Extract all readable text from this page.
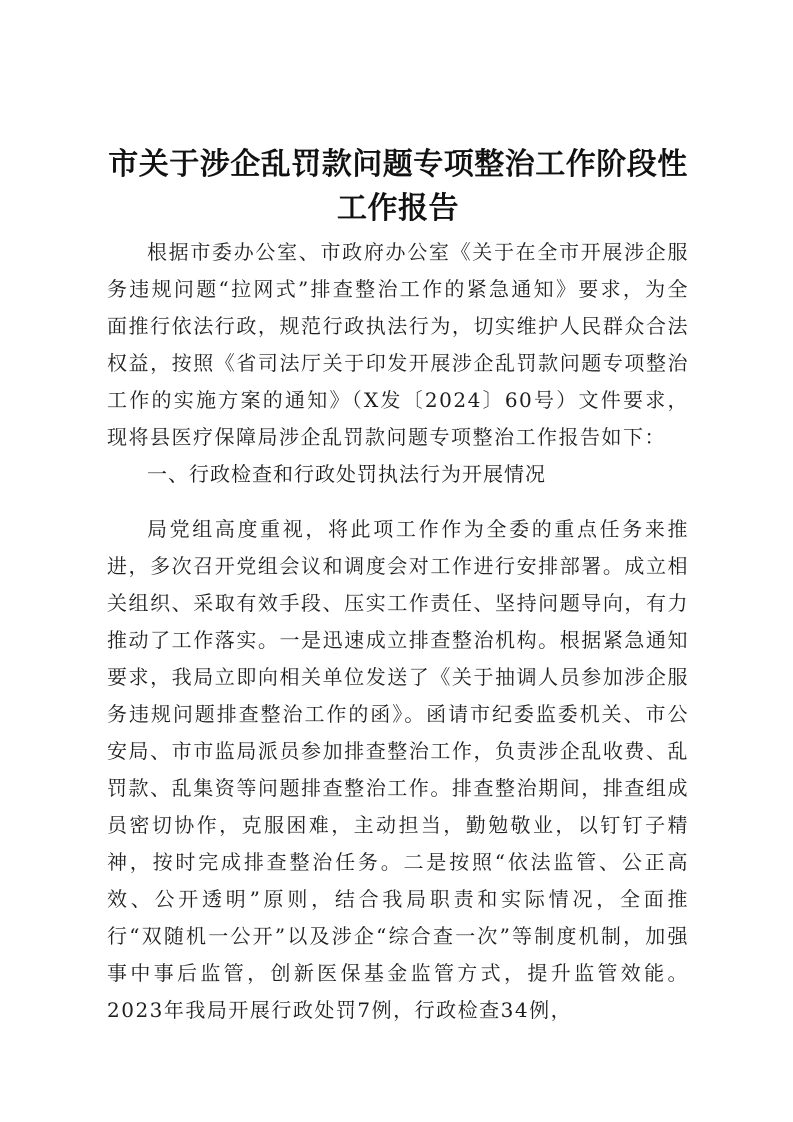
市关于涉企乱罚款问题专项整治工作阶段性工作报告

根据市委办公室、市政府办公室《关于在全市开展涉企服务违规问题“拉网式”排查整治工作的紧急通知》要求，为全面推行依法行政，规范行政执法行为，切实维护人民群众合法权益，按照《省司法厅关于印发开展涉企乱罚款问题专项整治工作的实施方案的通知》（X发〔2024〕60号）文件要求，现将县医疗保障局涉企乱罚款问题专项整治工作报告如下：

一、行政检查和行政处罚执法行为开展情况

局党组高度重视，将此项工作作为全委的重点任务来推进，多次召开党组会议和调度会对工作进行安排部署。成立相关组织、采取有效手段、压实工作责任、坚持问题导向，有力推动了工作落实。一是迅速成立排查整治机构。根据紧急通知要求，我局立即向相关单位发送了《关于抽调人员参加涉企服务违规问题排查整治工作的函》。函请市纪委监委机关、市公安局、市市监局派员参加排查整治工作，负责涉企乱收费、乱罚款、乱集资等问题排查整治工作。排查整治期间，排查组成员密切协作，克服困难，主动担当，勤勉敬业，以钉钉子精神，按时完成排查整治任务。二是按照“依法监管、公正高效、公开透明”原则，结合我局职责和实际情况，全面推行“双随机一公开”以及涉企“综合查一次”等制度机制，加强事中事后监管，创新医保基金监管方式，提升监管效能。2023年我局开展行政处罚7例，行政检查34例，
